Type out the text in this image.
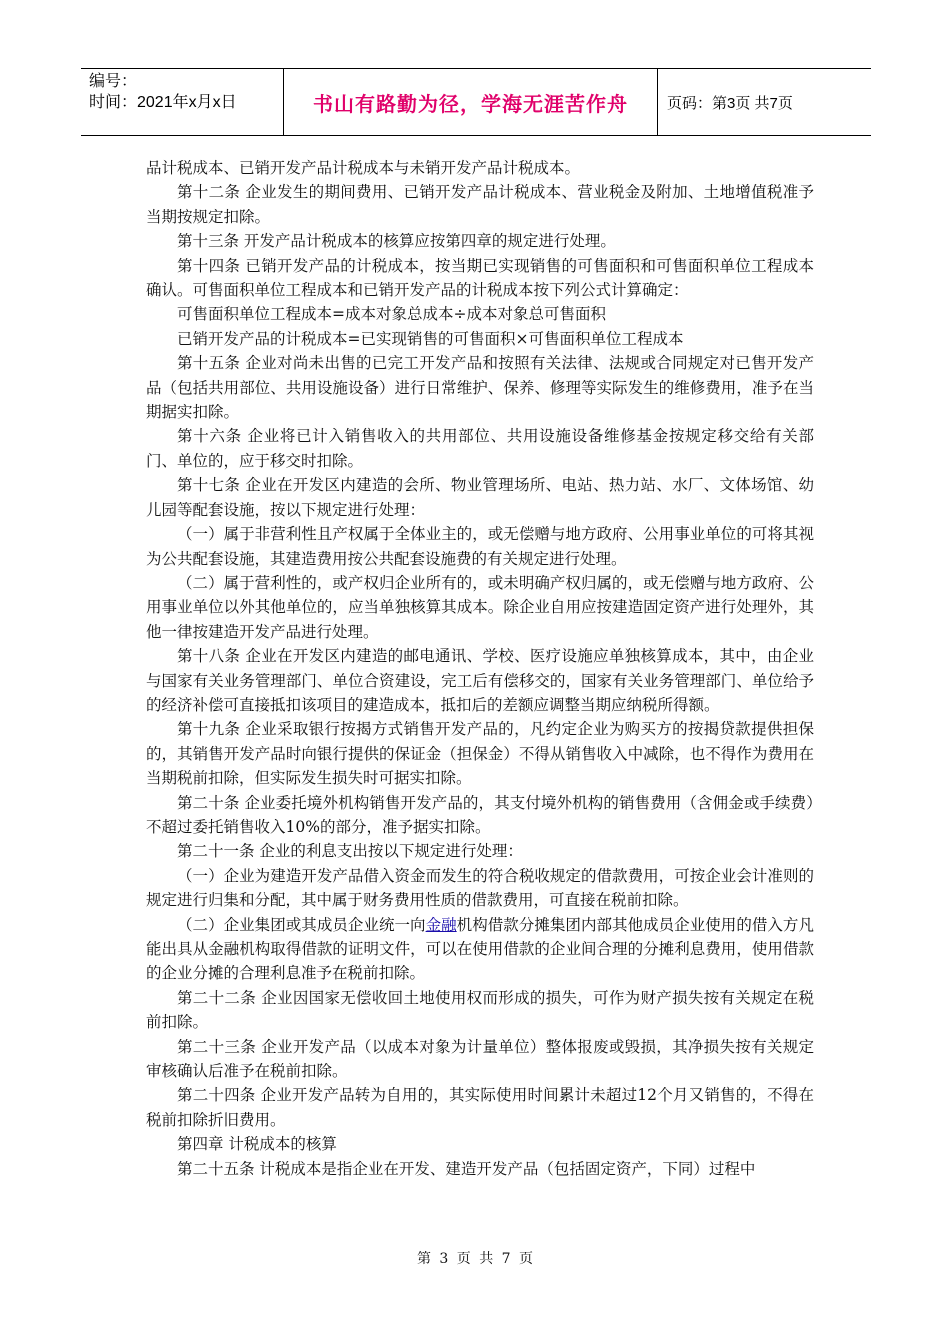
编号：
时间：2021年x月x日	书山有路勤为径，学海无涯苦作舟	页码：第3页 共7页

品计税成本、已销开发产品计税成本与未销开发产品计税成本。

第十二条 企业发生的期间费用、已销开发产品计税成本、营业税金及附加、土地增值税准予当期按规定扣除。

第十三条 开发产品计税成本的核算应按第四章的规定进行处理。

第十四条 已销开发产品的计税成本，按当期已实现销售的可售面积和可售面积单位工程成本确认。可售面积单位工程成本和已销开发产品的计税成本按下列公式计算确定：

可售面积单位工程成本=成本对象总成本÷成本对象总可售面积

已销开发产品的计税成本=已实现销售的可售面积×可售面积单位工程成本

第十五条 企业对尚未出售的已完工开发产品和按照有关法律、法规或合同规定对已售开发产品（包括共用部位、共用设施设备）进行日常维护、保养、修理等实际发生的维修费用，准予在当期据实扣除。

第十六条 企业将已计入销售收入的共用部位、共用设施设备维修基金按规定移交给有关部门、单位的，应于移交时扣除。

第十七条 企业在开发区内建造的会所、物业管理场所、电站、热力站、水厂、文体场馆、幼儿园等配套设施，按以下规定进行处理：

（一）属于非营利性且产权属于全体业主的，或无偿赠与地方政府、公用事业单位的可将其视为公共配套设施，其建造费用按公共配套设施费的有关规定进行处理。

（二）属于营利性的，或产权归企业所有的，或未明确产权归属的，或无偿赠与地方政府、公用事业单位以外其他单位的，应当单独核算其成本。除企业自用应按建造固定资产进行处理外，其他一律按建造开发产品进行处理。

第十八条 企业在开发区内建造的邮电通讯、学校、医疗设施应单独核算成本，其中，由企业与国家有关业务管理部门、单位合资建设，完工后有偿移交的，国家有关业务管理部门、单位给予的经济补偿可直接抵扣该项目的建造成本，抵扣后的差额应调整当期应纳税所得额。

第十九条 企业采取银行按揭方式销售开发产品的，凡约定企业为购买方的按揭贷款提供担保的，其销售开发产品时向银行提供的保证金（担保金）不得从销售收入中减除，也不得作为费用在当期税前扣除，但实际发生损失时可据实扣除。

第二十条 企业委托境外机构销售开发产品的，其支付境外机构的销售费用（含佣金或手续费）不超过委托销售收入10%的部分，准予据实扣除。

第二十一条 企业的利息支出按以下规定进行处理：

（一）企业为建造开发产品借入资金而发生的符合税收规定的借款费用，可按企业会计准则的规定进行归集和分配，其中属于财务费用性质的借款费用，可直接在税前扣除。

（二）企业集团或其成员企业统一向金融机构借款分摊集团内部其他成员企业使用的借入方凡能出具从金融机构取得借款的证明文件，可以在使用借款的企业间合理的分摊利息费用，使用借款的企业分摊的合理利息准予在税前扣除。

第二十二条 企业因国家无偿收回土地使用权而形成的损失，可作为财产损失按有关规定在税前扣除。

第二十三条 企业开发产品（以成本对象为计量单位）整体报废或毁损，其净损失按有关规定审核确认后准予在税前扣除。

第二十四条 企业开发产品转为自用的，其实际使用时间累计未超过12个月又销售的，不得在税前扣除折旧费用。

第四章 计税成本的核算

第二十五条 计税成本是指企业在开发、建造开发产品（包括固定资产，下同）过程中

第 3 页 共 7 页
